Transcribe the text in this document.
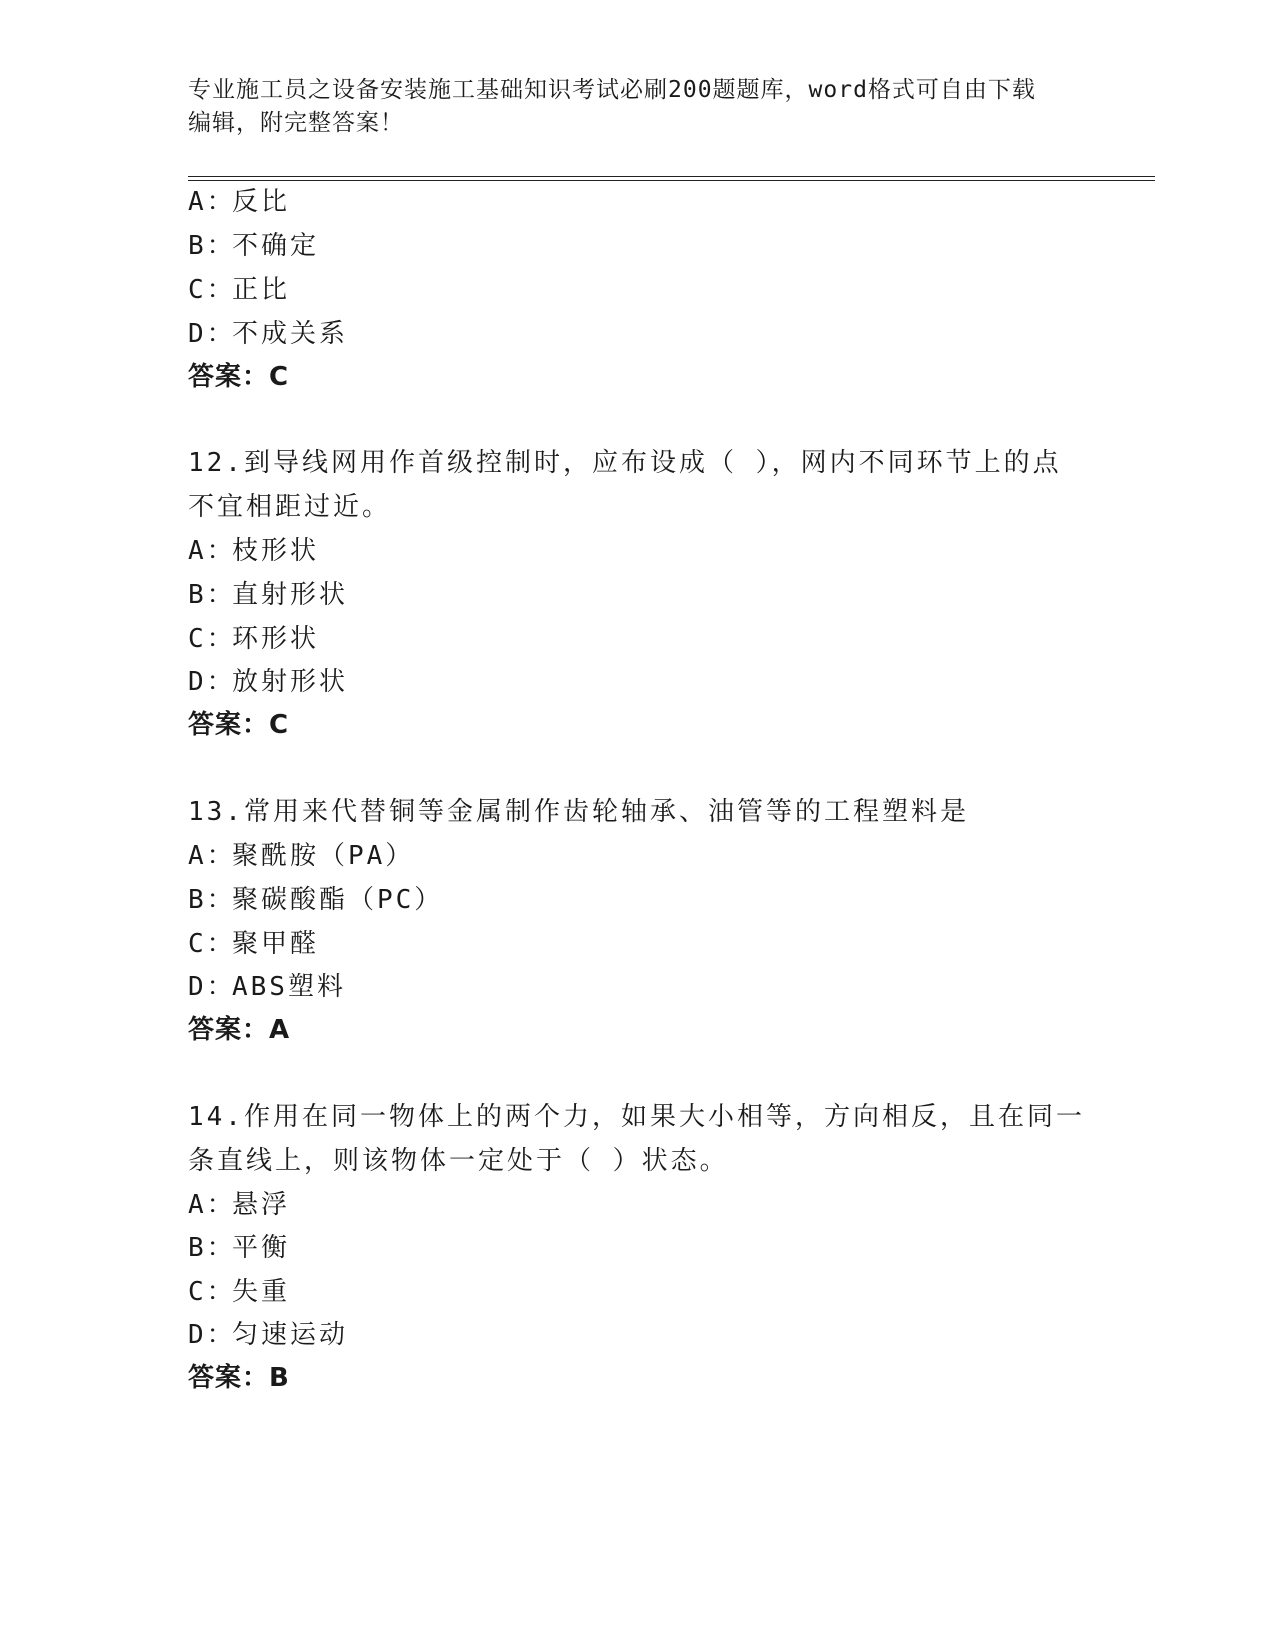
专业施工员之设备安装施工基础知识考试必刷200题题库，word格式可自由下载
编辑，附完整答案！
A：反比
B：不确定
C：正比
D：不成关系
答案：C
12.到导线网用作首级控制时，应布设成（ ），网内不同环节上的点
不宜相距过近。
A：枝形状
B：直射形状
C：环形状
D：放射形状
答案：C
13.常用来代替铜等金属制作齿轮轴承、油管等的工程塑料是
A：聚酰胺（PA）
B：聚碳酸酯（PC）
C：聚甲醛
D：ABS塑料
答案：A
14.作用在同一物体上的两个力，如果大小相等，方向相反，且在同一
条直线上，则该物体一定处于（ ）状态。
A：悬浮
B：平衡
C：失重
D：匀速运动
答案：B
